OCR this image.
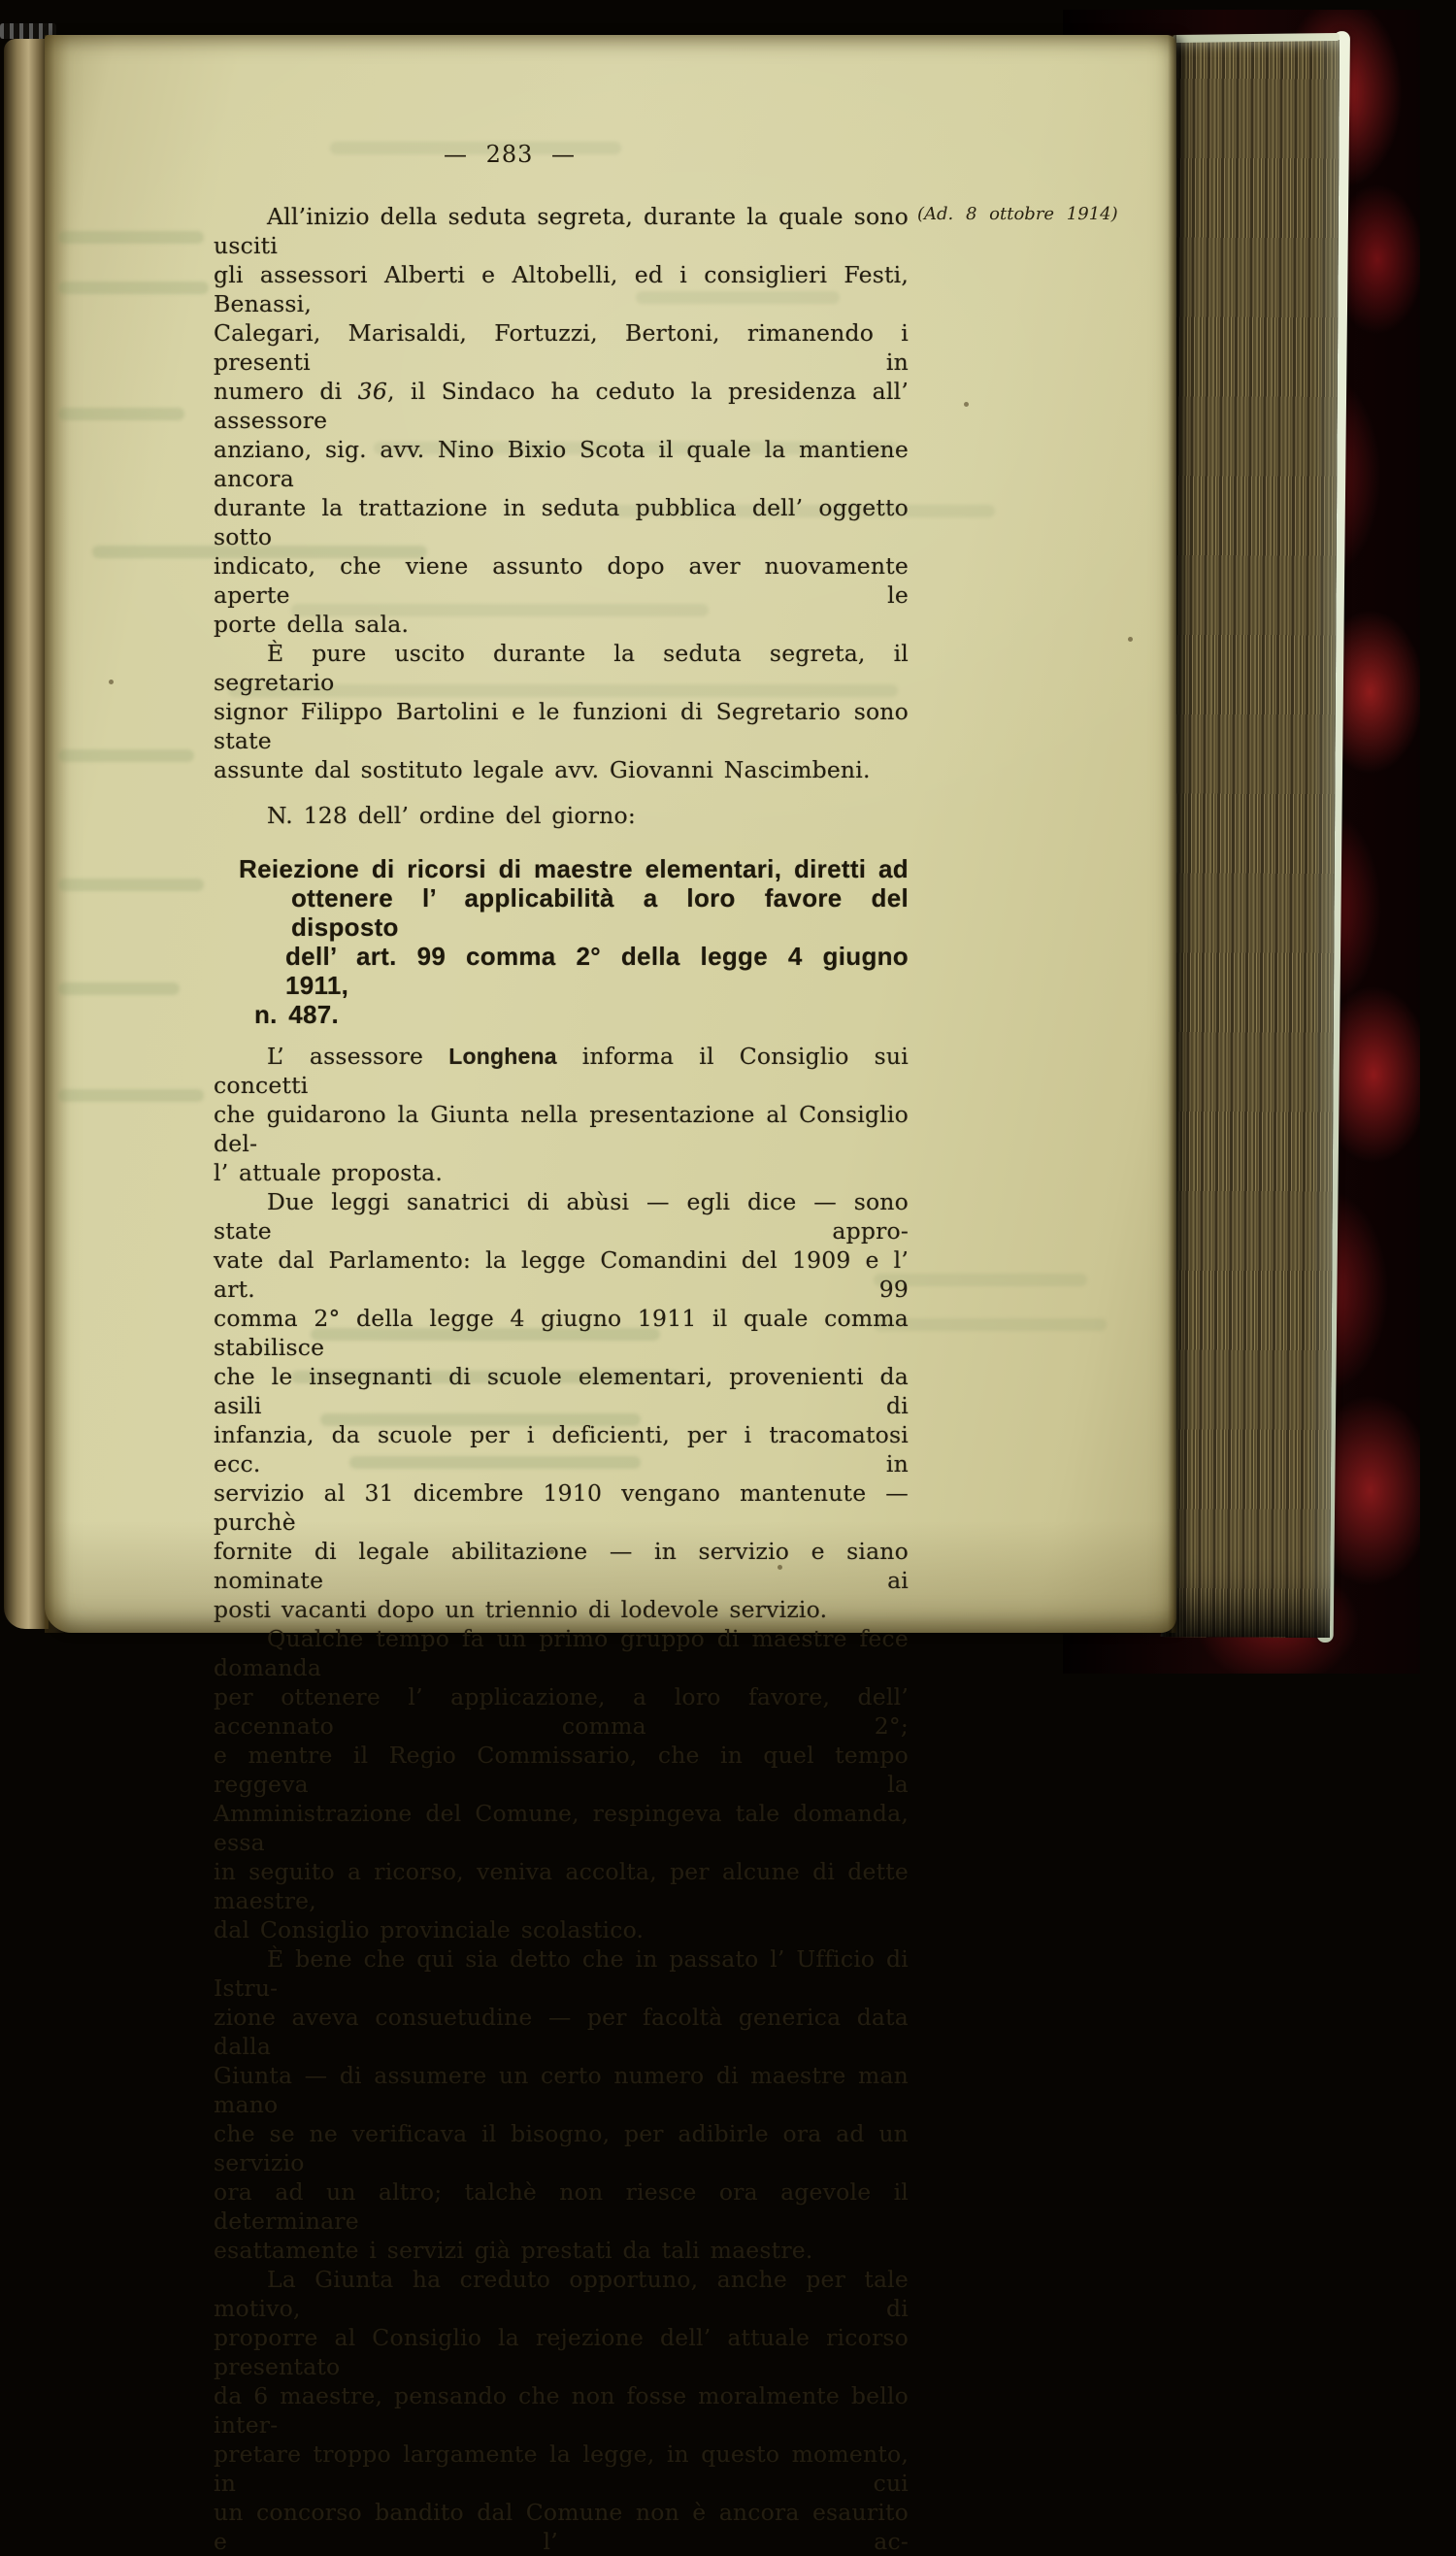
— 283 —
(Ad. 8 ottobre 1914)
All’inizio della seduta segreta, durante la quale sono usciti
gli assessori Alberti e Altobelli, ed i consiglieri Festi, Benassi,
Calegari, Marisaldi, Fortuzzi, Bertoni, rimanendo i presenti in
numero di 36, il Sindaco ha ceduto la presidenza all’ assessore
anziano, sig. avv. Nino Bixio Scota il quale la mantiene ancora
durante la trattazione in seduta pubblica dell’ oggetto sotto
indicato, che viene assunto dopo aver nuovamente aperte le
porte della sala.
È pure uscito durante la seduta segreta, il segretario
signor Filippo Bartolini e le funzioni di Segretario sono state
assunte dal sostituto legale avv. Giovanni Nascimbeni.
N. 128 dell’ ordine del giorno:
Reiezione di ricorsi di maestre elementari, diretti ad
ottenere l’ applicabilità a loro favore del disposto
dell’ art. 99 comma 2° della legge 4 giugno 1911,
n. 487.
L’ assessore Longhena informa il Consiglio sui concetti
che guidarono la Giunta nella presentazione al Consiglio del-
l’ attuale proposta.
Due leggi sanatrici di abùsi — egli dice — sono state appro-
vate dal Parlamento: la legge Comandini del 1909 e l’ art. 99
comma 2° della legge 4 giugno 1911 il quale comma stabilisce
che le insegnanti di scuole elementari, provenienti da asili di
infanzia, da scuole per i deficienti, per i tracomatosi ecc. in
servizio al 31 dicembre 1910 vengano mantenute — purchè
fornite di legale abilitazione — in servizio e siano nominate ai
posti vacanti dopo un triennio di lodevole servizio.
Qualche tempo fa un primo gruppo di maestre fece domanda
per ottenere l’ applicazione, a loro favore, dell’ accennato comma 2°;
e mentre il Regio Commissario, che in quel tempo reggeva la
Amministrazione del Comune, respingeva tale domanda, essa
in seguito a ricorso, veniva accolta, per alcune di dette maestre,
dal Consiglio provinciale scolastico.
È bene che qui sia detto che in passato l’ Ufficio di Istru-
zione aveva consuetudine — per facoltà generica data dalla
Giunta — di assumere un certo numero di maestre man mano
che se ne verificava il bisogno, per adibirle ora ad un servizio
ora ad un altro; talchè non riesce ora agevole il determinare
esattamente i servizi già prestati da tali maestre.
La Giunta ha creduto opportuno, anche per tale motivo, di
proporre al Consiglio la rejezione dell’ attuale ricorso presentato
da 6 maestre, pensando che non fosse moralmente bello inter-
pretare troppo largamente la legge, in questo momento, in cui
un concorso bandito dal Comune non è ancora esaurito e l’ ac-
